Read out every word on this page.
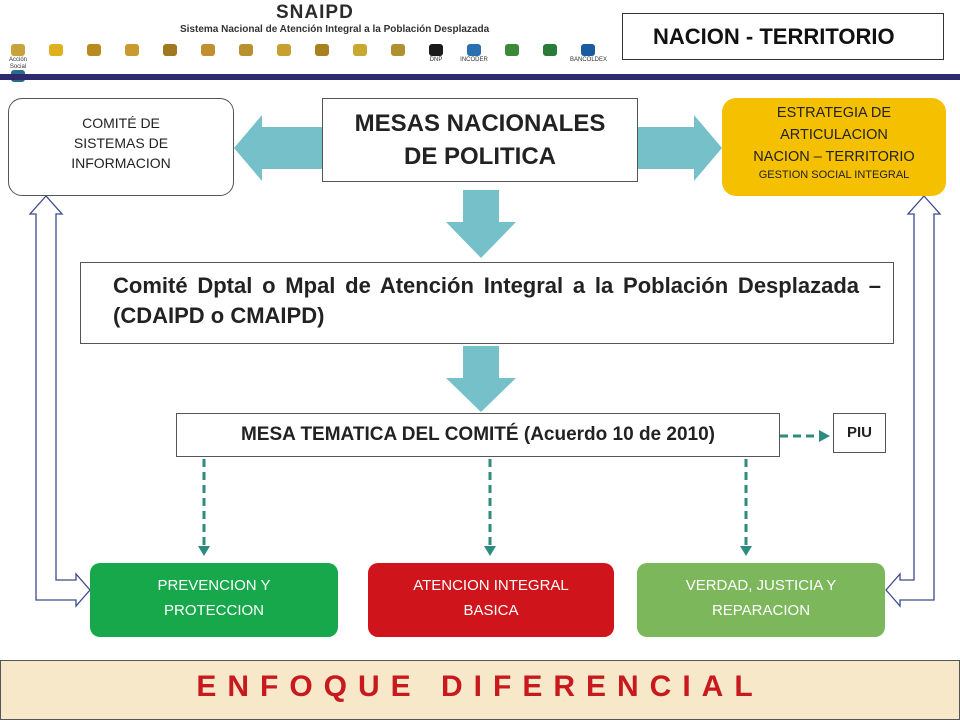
SNAIPD
Sistema Nacional de Atención Integral a la Población Desplazada
Acción Social
DNP	INCODER	BANCOLDEX
NACION - TERRITORIO
COMITÉ DE
SISTEMAS DE
INFORMACION
MESAS NACIONALES
DE POLITICA
ESTRATEGIA DE
ARTICULACION
NACION – TERRITORIO
GESTION SOCIAL INTEGRAL
Comité Dptal o Mpal de Atención Integral a la Población Desplazada – (CDAIPD o CMAIPD)
MESA TEMATICA DEL COMITÉ (Acuerdo 10 de 2010)	PIU
PREVENCION Y
PROTECCION
ATENCION INTEGRAL
BASICA
VERDAD, JUSTICIA Y
REPARACION
ENFOQUE DIFERENCIAL
